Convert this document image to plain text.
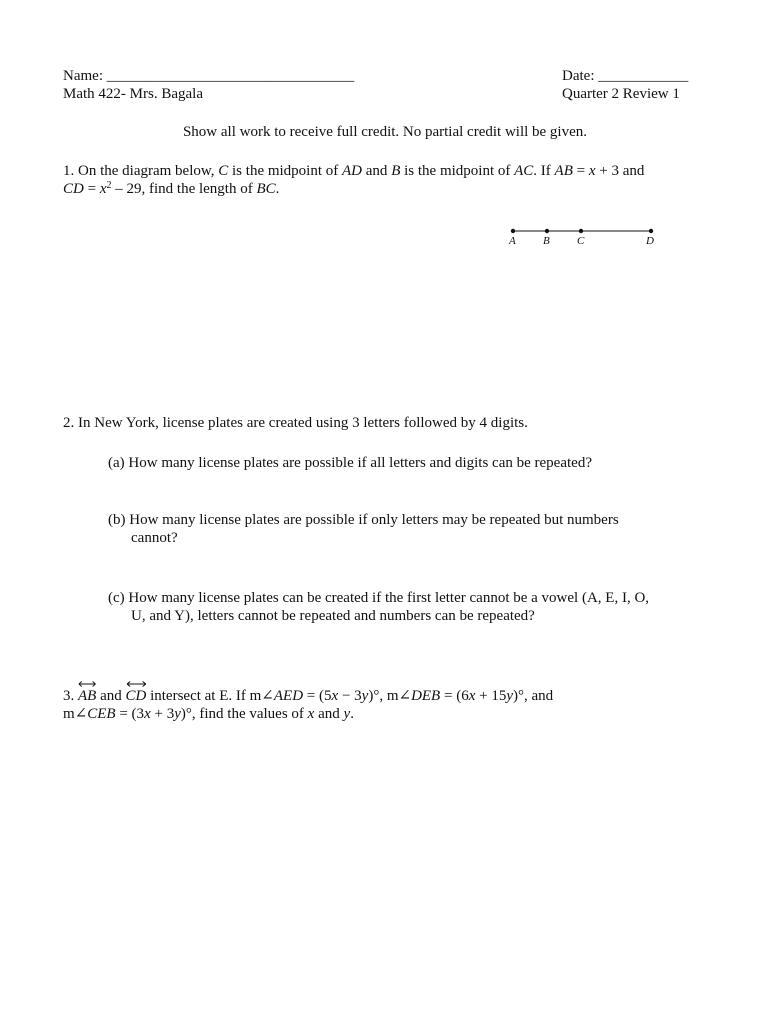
Name: _________________________________
Math 422- Mrs. Bagala
Date: ____________
Quarter 2 Review 1
Show all work to receive full credit. No partial credit will be given.
1. On the diagram below, C is the midpoint of AD and B is the midpoint of AC. If AB = x + 3 and
CD = $x^2 - 29$, find the length of BC.
A B C	D
2. In New York, license plates are created using 3 letters followed by 4 digits.
(a) How many license plates are possible if all letters and digits can be repeated?
(b) How many license plates are possible if only letters may be repeated but numbers
cannot?
(c) How many license plates can be created if the first letter cannot be a vowel (A, E, I, O,
U, and Y), letters cannot be repeated and numbers can be repeated?
3. AB and CD intersect at E. If m∠AED = (5x − 3y)°, m∠DEB = (6x + 15y)°, and
m∠CEB = (3x + 3y)°, find the values of x and y.
